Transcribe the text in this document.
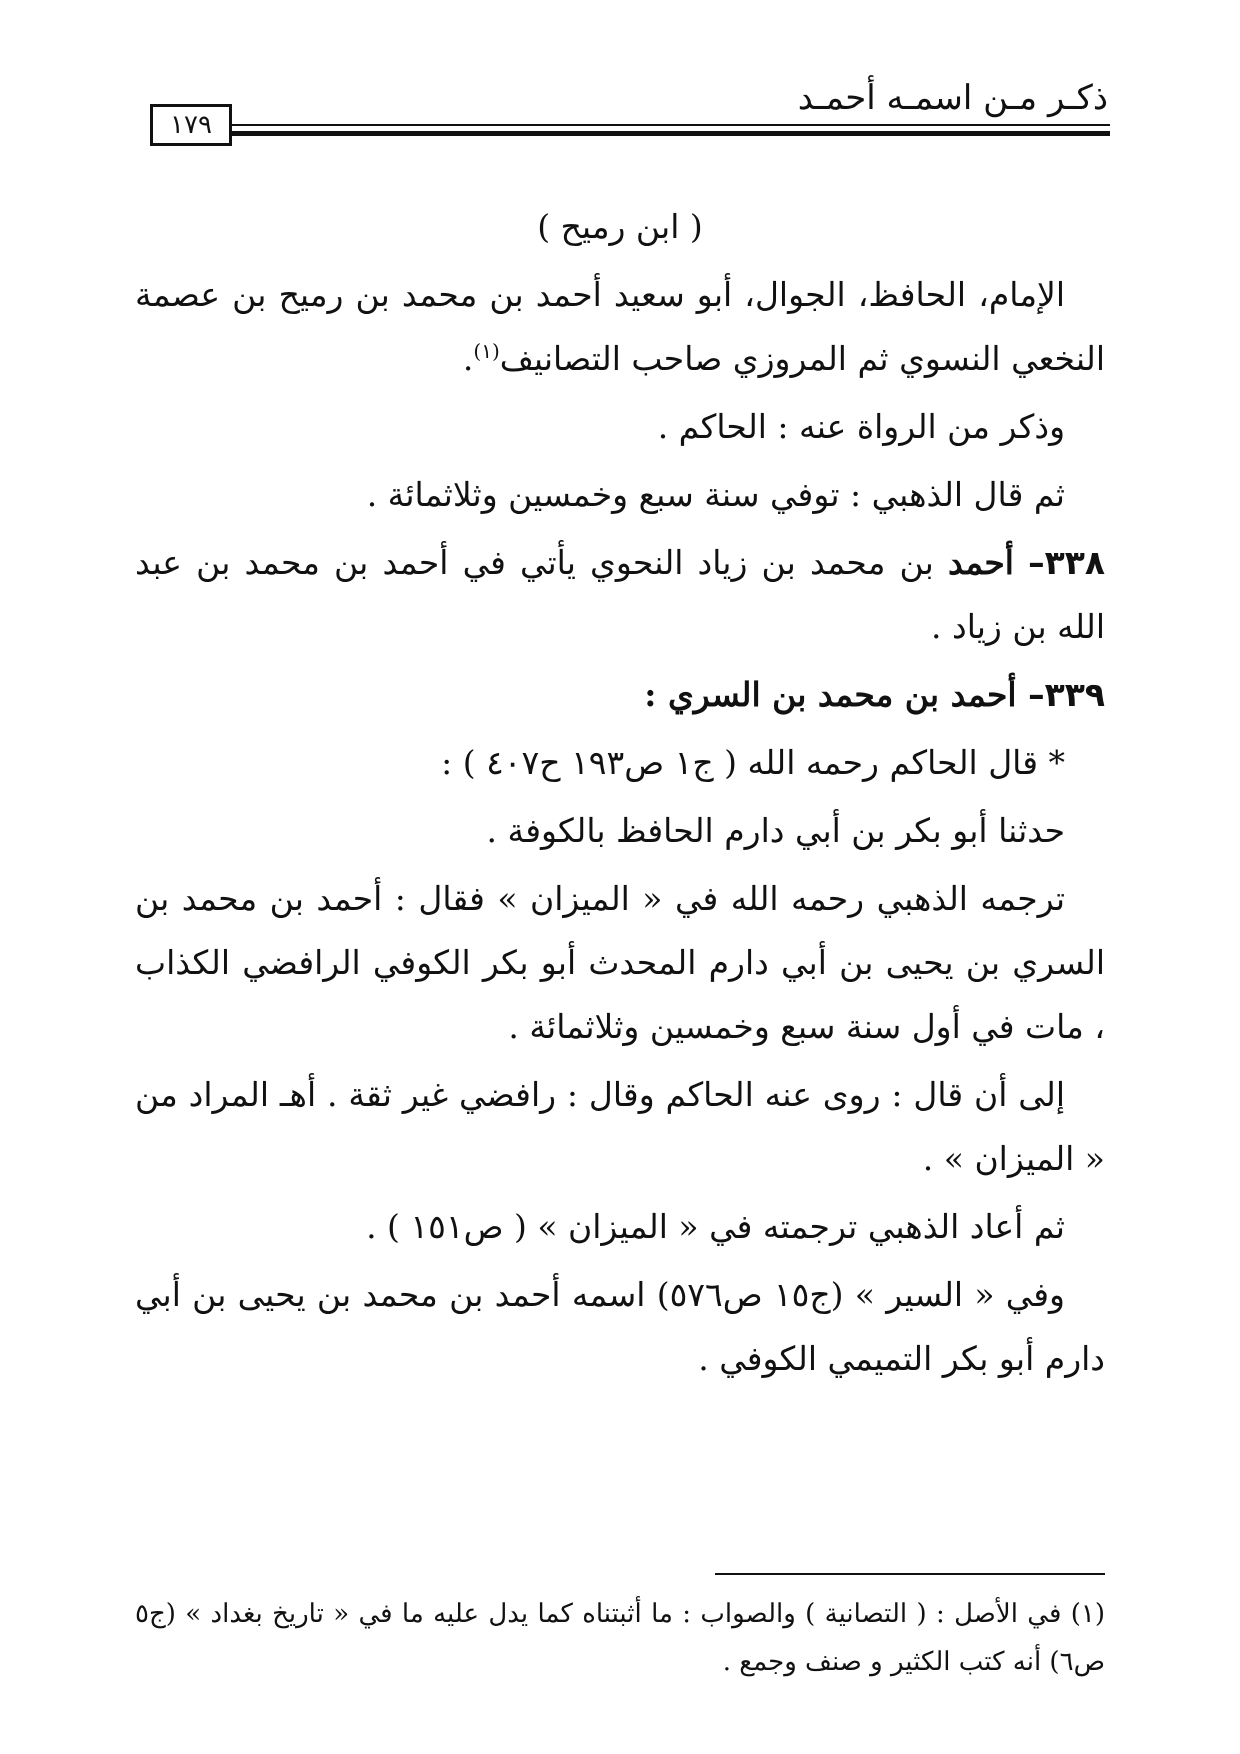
ذكـر مـن اسمـه أحمـد
١٧٩

( ابن رميح )

الإمام، الحافظ، الجوال، أبو سعيد أحمد بن محمد بن رميح بن عصمة النخعي النسوي ثم المروزي صاحب التصانيف$^{(١)}$.

وذكر من الرواة عنه : الحاكم .

ثم قال الذهبي : توفي سنة سبع وخمسين وثلاثمائة .

٣٣٨– أحمد بن محمد بن زياد النحوي يأتي في أحمد بن محمد بن عبد الله بن زياد .

٣٣٩– أحمد بن محمد بن السري :

* قال الحاكم رحمه الله ( ج١ ص١٩٣ ح٤٠٧ ) :

حدثنا أبو بكر بن أبي دارم الحافظ بالكوفة .

ترجمه الذهبي رحمه الله في « الميزان » فقال : أحمد بن محمد بن السري بن يحيى بن أبي دارم المحدث أبو بكر الكوفي الرافضي الكذاب ، مات في أول سنة سبع وخمسين وثلاثمائة .

إلى أن قال : روى عنه الحاكم وقال : رافضي غير ثقة . أهـ المراد من « الميزان » .

ثم أعاد الذهبي ترجمته في « الميزان » ( ص١٥١ ) .

وفي « السير » (ج١٥ ص٥٧٦) اسمه أحمد بن محمد بن يحيى بن أبي دارم أبو بكر التميمي الكوفي .

(١) في الأصل : ( التصانية ) والصواب : ما أثبتناه كما يدل عليه ما في « تاريخ بغداد » (ج٥ ص٦) أنه كتب الكثير و صنف وجمع .
